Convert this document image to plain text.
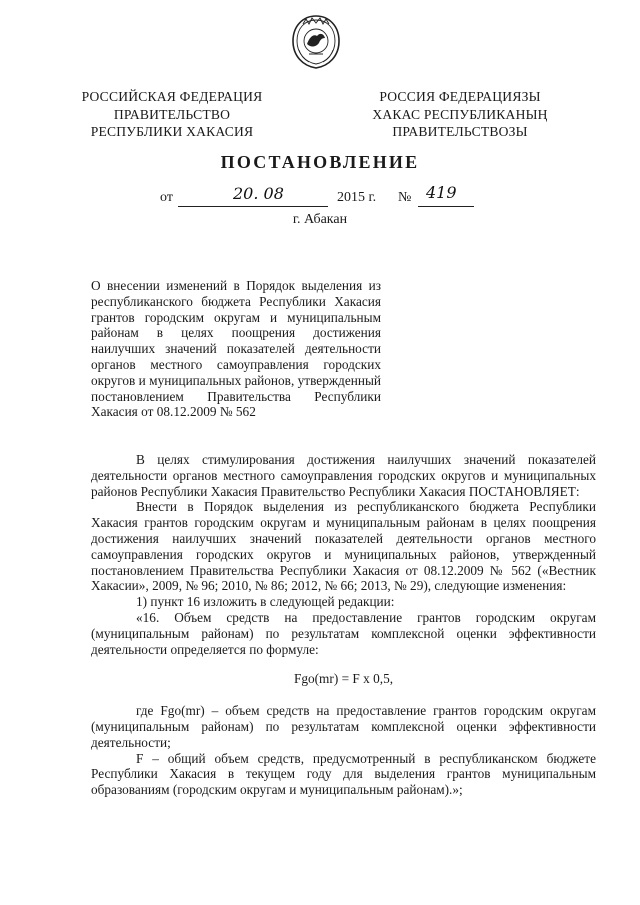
РОССИЙСКАЯ ФЕДЕРАЦИЯ
ПРАВИТЕЛЬСТВО
РЕСПУБЛИКИ ХАКАСИЯ
РОССИЯ ФЕДЕРАЦИЯЗЫ
ХАКАС РЕСПУБЛИКАНЫҢ
ПРАВИТЕЛЬСТВОЗЫ
ПОСТАНОВЛЕНИЕ
от	20. 08	2015 г. № 419
г. Абакан

О внесении изменений в Порядок выделения из республиканского бюджета Республики Хакасия грантов городским округам и муниципальным районам в целях поощрения достижения наилучших значений показателей деятельности органов местного самоуправления городских округов и муниципальных районов, утвержденный постановлением Правительства Республики Хакасия от 08.12.2009 № 562

В целях стимулирования достижения наилучших значений показателей деятельности органов местного самоуправления городских округов и муниципальных районов Республики Хакасия Правительство Республики Хакасия ПОСТАНОВЛЯЕТ:

Внести в Порядок выделения из республиканского бюджета Республики Хакасия грантов городским округам и муниципальным районам в целях поощрения достижения наилучших значений показателей деятельности органов местного самоуправления городских округов и муниципальных районов, утвержденный постановлением Правительства Республики Хакасия от 08.12.2009 № 562 («Вестник Хакасии», 2009, № 96; 2010, № 86; 2012, № 66; 2013, № 29), следующие изменения:

1) пункт 16 изложить в следующей редакции:

«16. Объем средств на предоставление грантов городским округам (муниципальным районам) по результатам комплексной оценки эффективности деятельности определяется по формуле:

Fgo(mr) = F x 0,5,

где Fgo(mr) – объем средств на предоставление грантов городским округам (муниципальным районам) по результатам комплексной оценки эффективности деятельности;

F – общий объем средств, предусмотренный в республиканском бюджете Республики Хакасия в текущем году для выделения грантов муниципальным образованиям (городским округам и муниципальным районам).»;
